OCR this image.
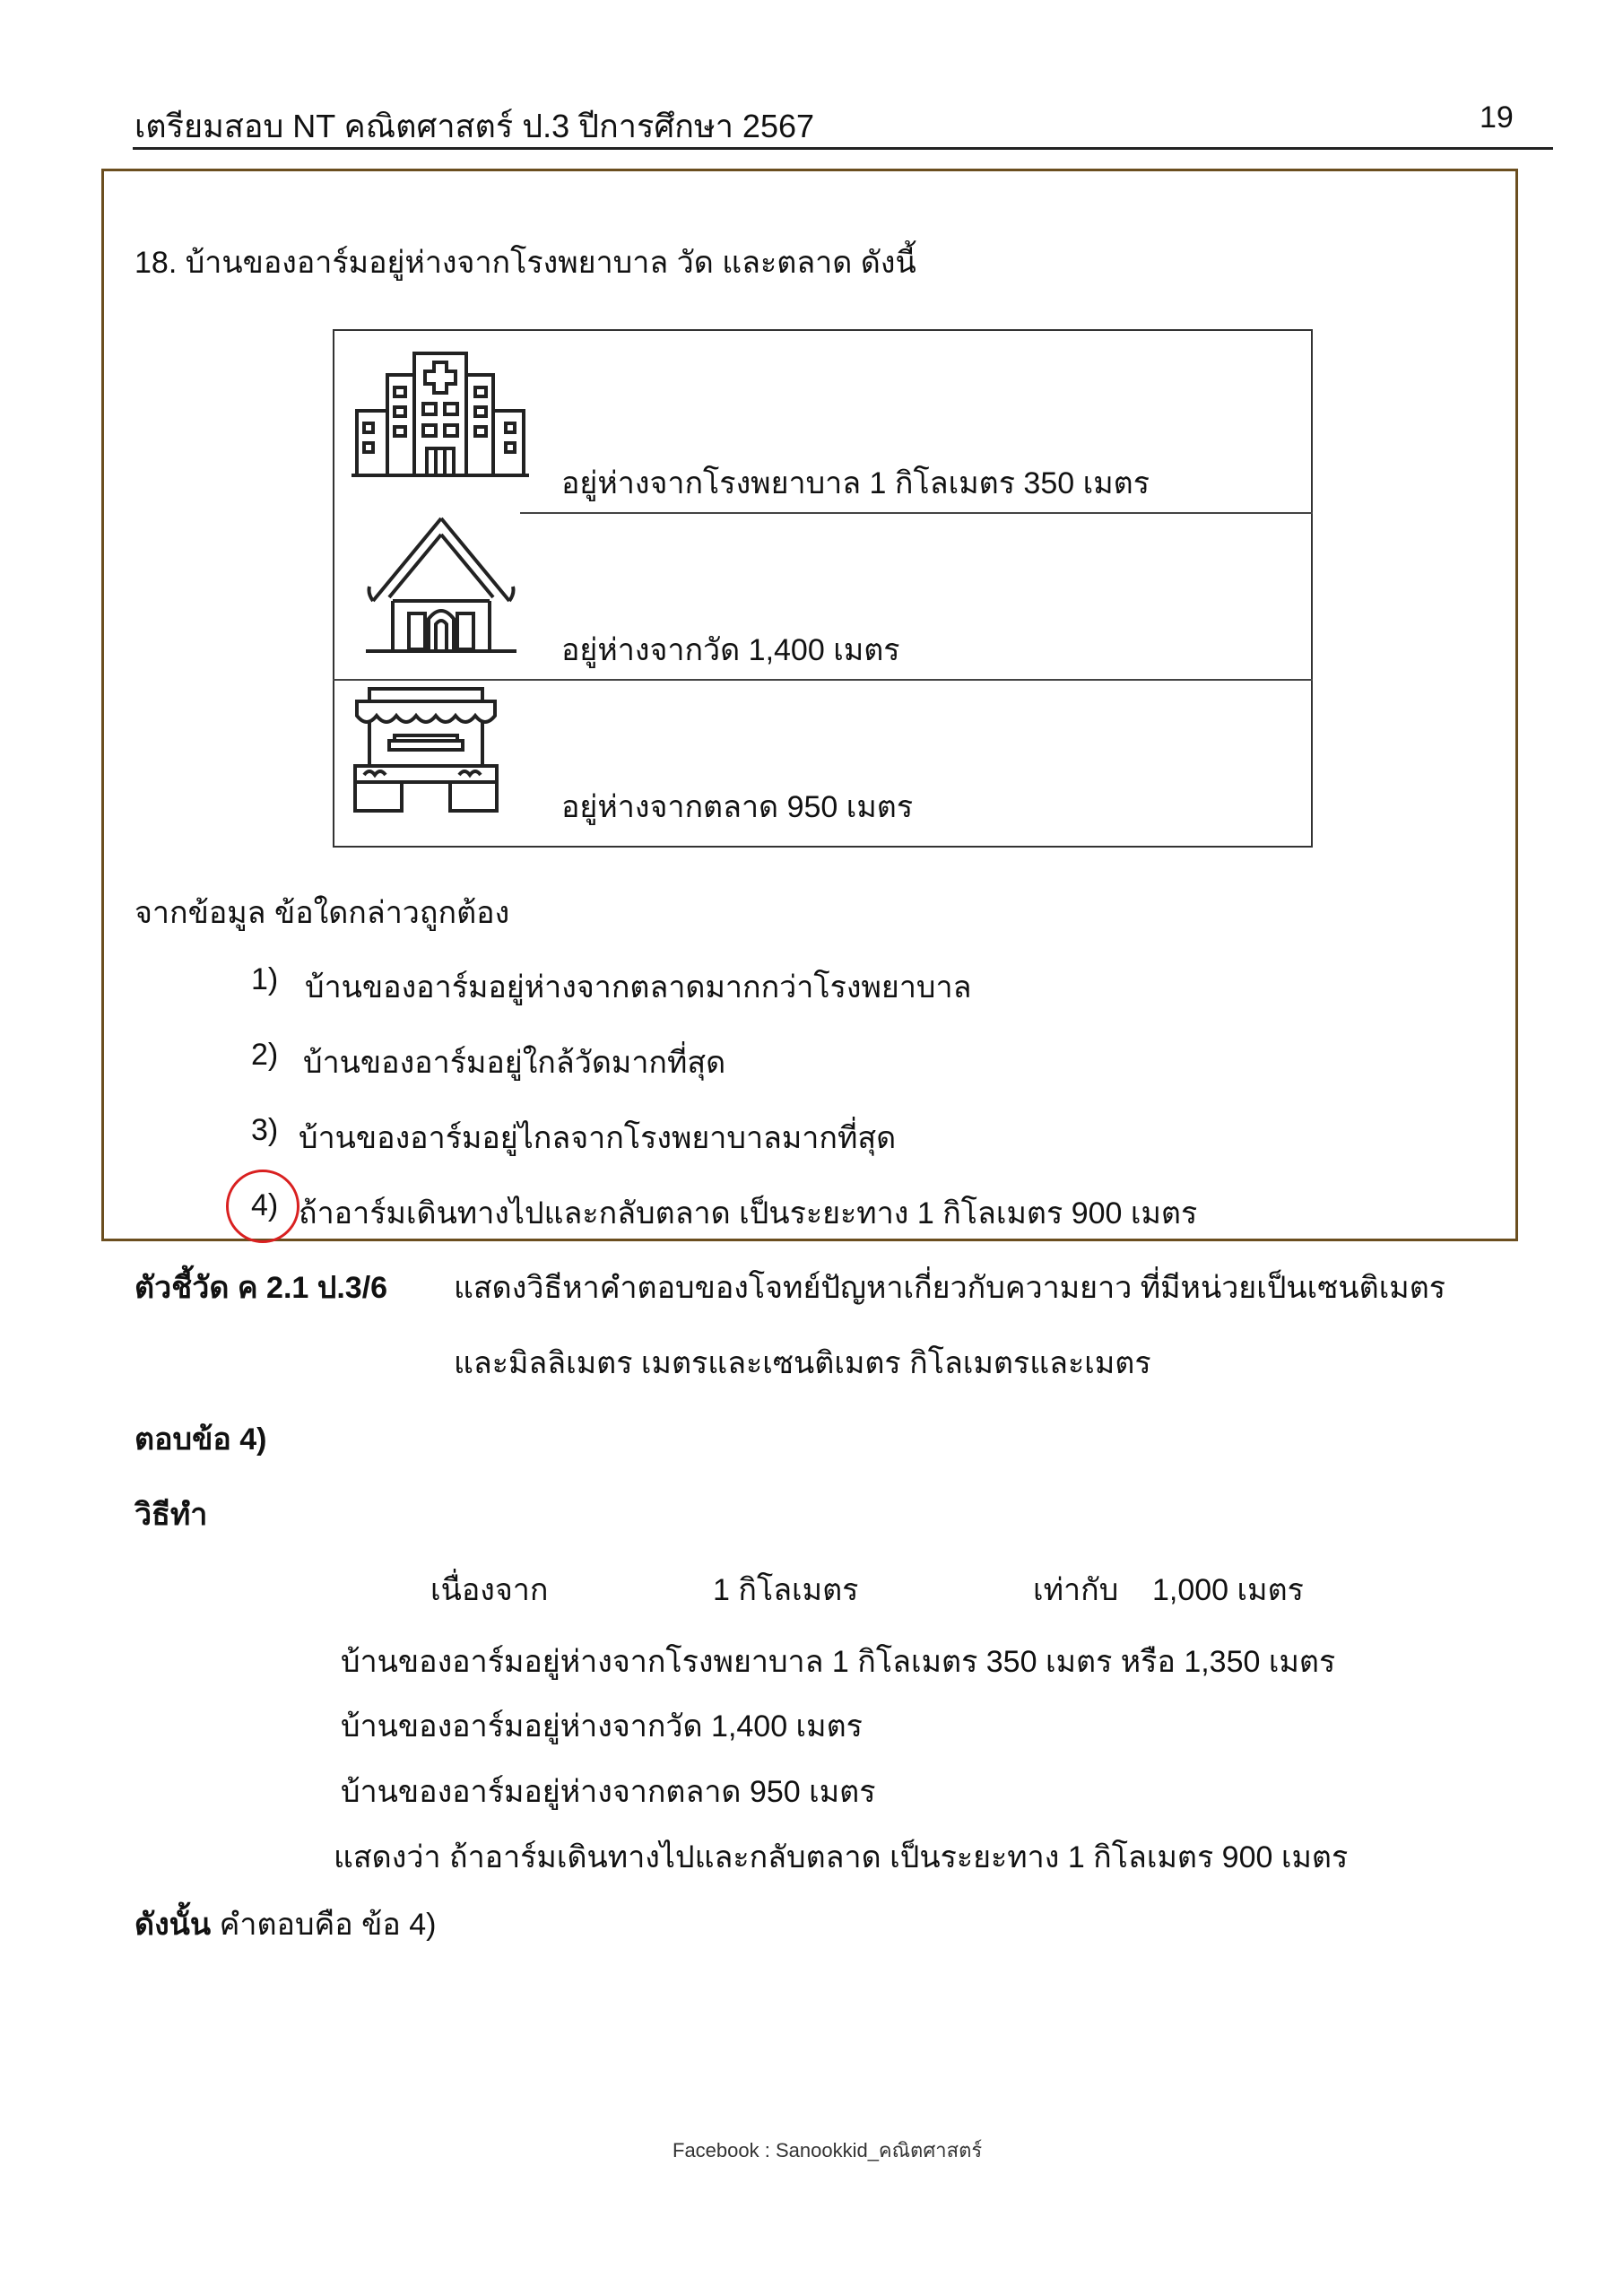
เตรียมสอบ NT คณิตศาสตร์ ป.3 ปีการศึกษา 2567	19
18. บ้านของอาร์มอยู่ห่างจากโรงพยาบาล วัด และตลาด ดังนี้
อยู่ห่างจากโรงพยาบาล 1 กิโลเมตร 350 เมตร
อยู่ห่างจากวัด 1,400 เมตร
อยู่ห่างจากตลาด 950 เมตร
จากข้อมูล ข้อใดกล่าวถูกต้อง
1) บ้านของอาร์มอยู่ห่างจากตลาดมากกว่าโรงพยาบาล
2) บ้านของอาร์มอยู่ใกล้วัดมากที่สุด
3) บ้านของอาร์มอยู่ไกลจากโรงพยาบาลมากที่สุด
4) ถ้าอาร์มเดินทางไปและกลับตลาด เป็นระยะทาง 1 กิโลเมตร 900 เมตร
ตัวชี้วัด ค 2.1 ป.3/6 แสดงวิธีหาคำตอบของโจทย์ปัญหาเกี่ยวกับความยาว ที่มีหน่วยเป็นเซนติเมตร
และมิลลิเมตร เมตรและเซนติเมตร กิโลเมตรและเมตร
ตอบข้อ 4)
วิธีทำ
เนื่องจาก	1 กิโลเมตร	เท่ากับ 1,000 เมตร
บ้านของอาร์มอยู่ห่างจากโรงพยาบาล 1 กิโลเมตร 350 เมตร หรือ 1,350 เมตร
บ้านของอาร์มอยู่ห่างจากวัด 1,400 เมตร
บ้านของอาร์มอยู่ห่างจากตลาด 950 เมตร
แสดงว่า ถ้าอาร์มเดินทางไปและกลับตลาด เป็นระยะทาง 1 กิโลเมตร 900 เมตร
ดังนั้น คำตอบคือ ข้อ 4)
Facebook : Sanookkid_คณิตศาสตร์
